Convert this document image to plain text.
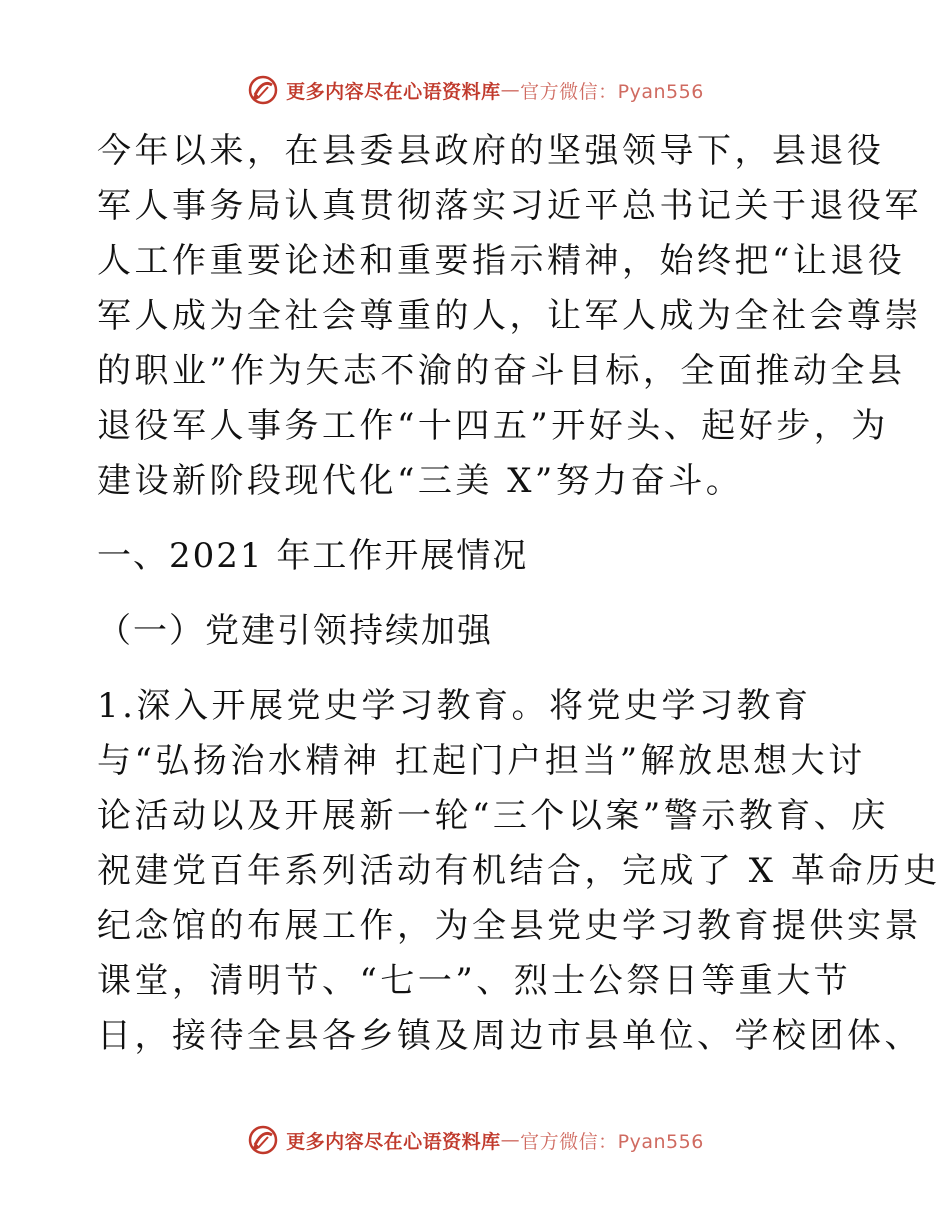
更多内容尽在心语资料库 — 官方微信：Pyan556
今年以来，在县委县政府的坚强领导下，县退役
军人事务局认真贯彻落实习近平总书记关于退役军
人工作重要论述和重要指示精神，始终把“让退役
军人成为全社会尊重的人，让军人成为全社会尊崇
的职业”作为矢志不渝的奋斗目标，全面推动全县
退役军人事务工作“十四五”开好头、起好步，为
建设新阶段现代化“三美 X”努力奋斗。
一、2021 年工作开展情况
（一）党建引领持续加强
1.深入开展党史学习教育。将党史学习教育
与“弘扬治水精神 扛起门户担当”解放思想大讨
论活动以及开展新一轮“三个以案”警示教育、庆
祝建党百年系列活动有机结合，完成了 X 革命历史
纪念馆的布展工作，为全县党史学习教育提供实景
课堂，清明节、“七一”、烈士公祭日等重大节
日，接待全县各乡镇及周边市县单位、学校团体、
更多内容尽在心语资料库 — 官方微信：Pyan556
